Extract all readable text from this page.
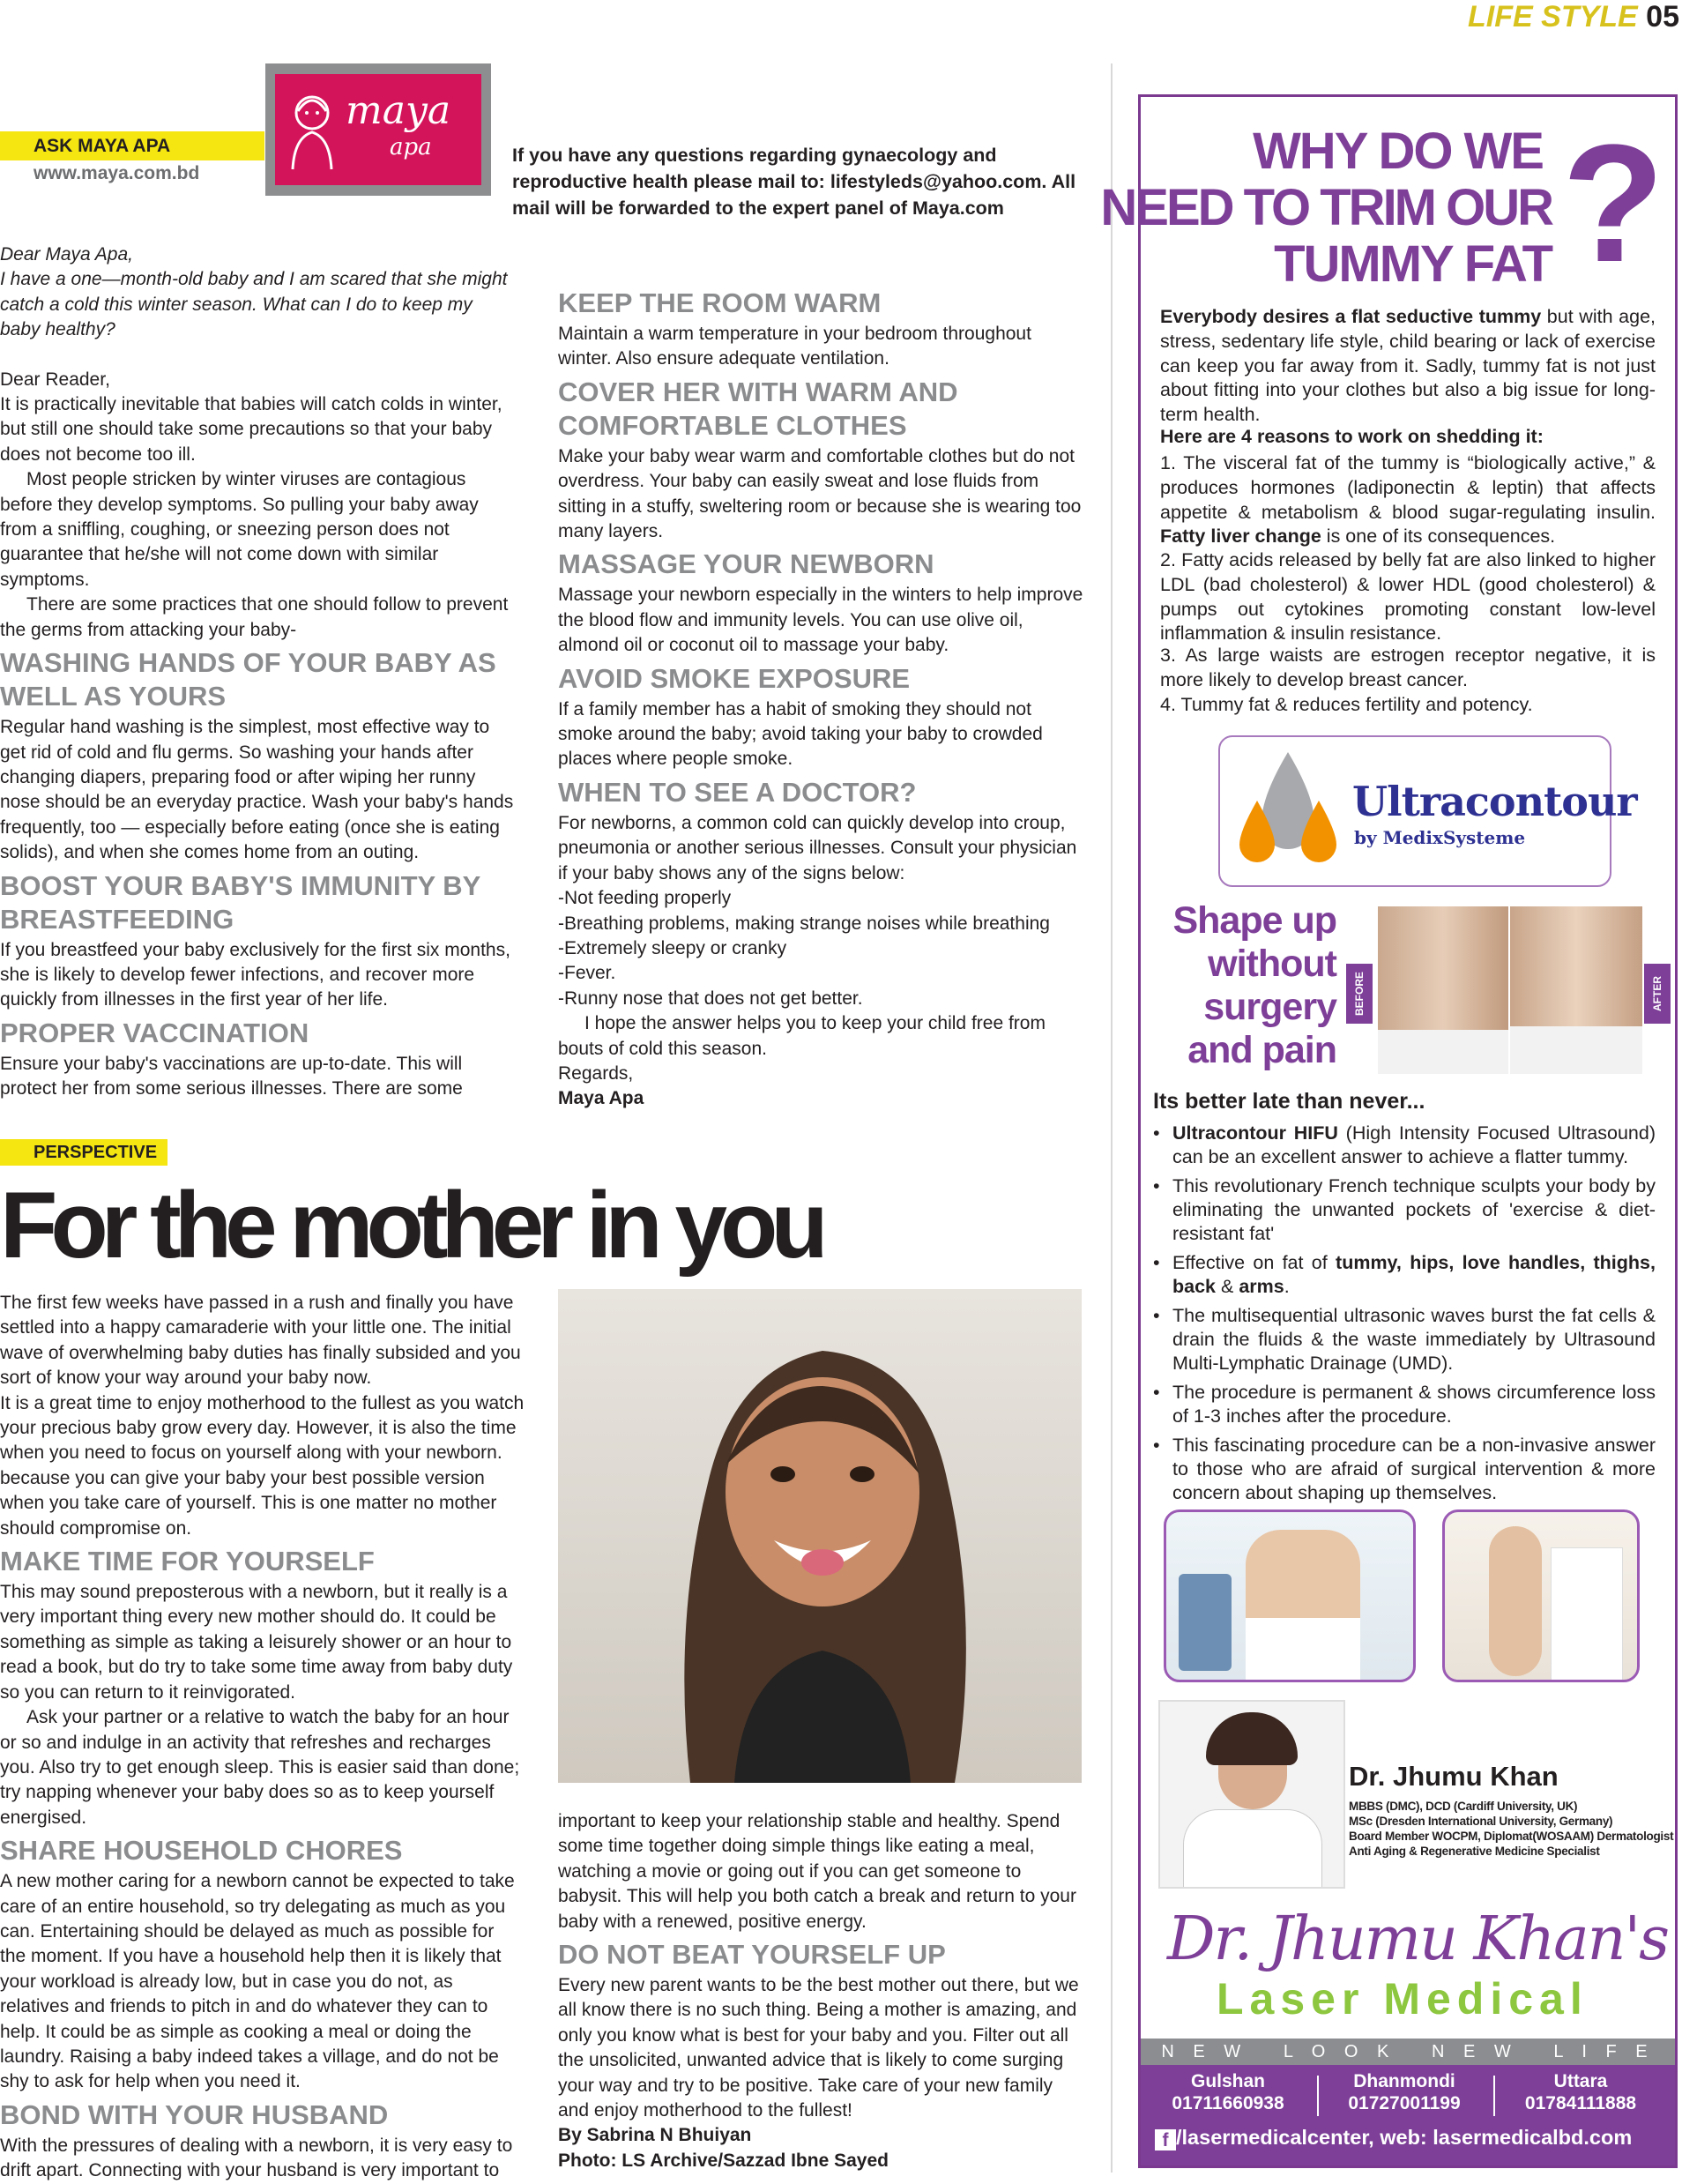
LIFE STYLE 05
ASK MAYA APA
www.maya.com.bd
maya
apa	If you have any questions regarding gynaecology and reproductive health please mail to: lifestyleds@yahoo.com. All mail will be forwarded to the expert panel of Maya.com

Dear Maya Apa,

I have a one—month-old baby and I am scared that she might catch a cold this winter season. What can I do to keep my baby healthy?

Dear Reader,

It is practically inevitable that babies will catch colds in winter, but still one should take some precautions so that your baby does not become too ill.

Most people stricken by winter viruses are contagious before they develop symptoms. So pulling your baby away from a sniffling, coughing, or sneezing person does not guarantee that he/she will not come down with similar symptoms.

There are some practices that one should follow to prevent the germs from attacking your baby-

WASHING HANDS OF YOUR BABY AS WELL AS YOURS

Regular hand washing is the simplest, most effective way to get rid of cold and flu germs. So washing your hands after changing diapers, preparing food or after wiping her runny nose should be an everyday practice. Wash your baby's hands frequently, too — especially before eating (once she is eating solids), and when she comes home from an outing.

BOOST YOUR BABY'S IMMUNITY BY BREASTFEEDING

If you breastfeed your baby exclusively for the first six months, she is likely to develop fewer infections, and recover more quickly from illnesses in the first year of her life.

PROPER VACCINATION

Ensure your baby's vaccinations are up-to-date. This will protect her from some serious illnesses. There are some

KEEP THE ROOM WARM

Maintain a warm temperature in your bedroom throughout winter. Also ensure adequate ventilation.

COVER HER WITH WARM AND COMFORTABLE CLOTHES

Make your baby wear warm and comfortable clothes but do not overdress. Your baby can easily sweat and lose fluids from sitting in a stuffy, sweltering room or because she is wearing too many layers.

MASSAGE YOUR NEWBORN

Massage your newborn especially in the winters to help improve the blood flow and immunity levels. You can use olive oil, almond oil or coconut oil to massage your baby.

AVOID SMOKE EXPOSURE

If a family member has a habit of smoking they should not smoke around the baby; avoid taking your baby to crowded places where people smoke.

WHEN TO SEE A DOCTOR?

For newborns, a common cold can quickly develop into croup, pneumonia or another serious illnesses. Consult your physician if your baby shows any of the signs below:

-Not feeding properly

-Breathing problems, making strange noises while breathing

-Extremely sleepy or cranky

-Fever.

-Runny nose that does not get better.

I hope the answer helps you to keep your child free from bouts of cold this season.

Regards,

Maya Apa

PERSPECTIVE
For the mother in you

The first few weeks have passed in a rush and finally you have settled into a happy camaraderie with your little one. The initial wave of overwhelming baby duties has finally subsided and you sort of know your way around your baby now.

It is a great time to enjoy motherhood to the fullest as you watch your precious baby grow every day. However, it is also the time when you need to focus on yourself along with your newborn. because you can give your baby your best possible version when you take care of yourself. This is one matter no mother should compromise on.

MAKE TIME FOR YOURSELF

This may sound preposterous with a newborn, but it really is a very important thing every new mother should do. It could be something as simple as taking a leisurely shower or an hour to read a book, but do try to take some time away from baby duty so you can return to it reinvigorated.

Ask your partner or a relative to watch the baby for an hour or so and indulge in an activity that refreshes and recharges you. Also try to get enough sleep. This is easier said than done; try napping whenever your baby does so as to keep yourself energised.

SHARE HOUSEHOLD CHORES

A new mother caring for a newborn cannot be expected to take care of an entire household, so try delegating as much as you can. Entertaining should be delayed as much as possible for the moment. If you have a household help then it is likely that your workload is already low, but in case you do not, as relatives and friends to pitch in and do whatever they can to help. It could be as simple as cooking a meal or doing the laundry. Raising a baby indeed takes a village, and do not be shy to ask for help when you need it.

BOND WITH YOUR HUSBAND

With the pressures of dealing with a newborn, it is very easy to drift apart. Connecting with your husband is very important to

important to keep your relationship stable and healthy. Spend some time together doing simple things like eating a meal, watching a movie or going out if you can get someone to babysit. This will help you both catch a break and return to your baby with a renewed, positive energy.

DO NOT BEAT YOURSELF UP

Every new parent wants to be the best mother out there, but we all know there is no such thing. Being a mother is amazing, and only you know what is best for your baby and you. Filter out all the unsolicited, unwanted advice that is likely to come surging your way and try to be positive. Take care of your new family and enjoy motherhood to the fullest!

By Sabrina N Bhuiyan

Photo: LS Archive/Sazzad Ibne Sayed

WHY DO WE
NEED TO TRIM OUR
TUMMY FAT ?
Everybody desires a flat seductive tummy but with age, stress, sedentary life style, child bearing or lack of exercise can keep you far away from it. Sadly, tummy fat is not just about fitting into your clothes but also a big issue for long-term health.
Here are 4 reasons to work on shedding it:
1. The visceral fat of the tummy is “biologically active,” & produces hormones (ladiponectin & leptin) that affects appetite & metabolism & blood sugar-regulating insulin. Fatty liver change is one of its consequences.
2. Fatty acids released by belly fat are also linked to higher LDL (bad cholesterol) & lower HDL (good cholesterol) & pumps out cytokines promoting constant low-level inflammation & insulin resistance.
3. As large waists are estrogen receptor negative, it is more likely to develop breast cancer.
4. Tummy fat & reduces fertility and potency.
Ultracontour
by MedixSysteme
Shape up
without
surgery
and pain
BEFORE	AFTER
Its better late than never...
• Ultracontour HIFU (High Intensity Focused Ultrasound) can be an excellent answer to achieve a flatter tummy.
• This revolutionary French technique sculpts your body by eliminating the unwanted pockets of 'exercise & diet-resistant fat'
• Effective on fat of tummy, hips, love handles, thighs, back & arms.
• The multisequential ultrasonic waves burst the fat cells & drain the fluids & the waste immediately by Ultrasound Multi-Lymphatic Drainage (UMD).
• The procedure is permanent & shows circumference loss of 1-3 inches after the procedure.
• This fascinating procedure can be a non-invasive answer to those who are afraid of surgical intervention & more concern about shaping up themselves.
Dr. Jhumu Khan
MBBS (DMC), DCD (Cardiff University, UK)
MSc (Dresden International University, Germany)
Board Member WOCPM, Diplomat(WOSAAM) Dermatologist
Anti Aging & Regenerative Medicine Specialist
Dr. Jhumu Khan's
Laser Medical
N E W   L O O K   N E W   L I F E
Gulshan
01711660938
Dhanmondi
01727001199
Uttara
01784111888
f /lasermedicalcenter, web: lasermedicalbd.com
